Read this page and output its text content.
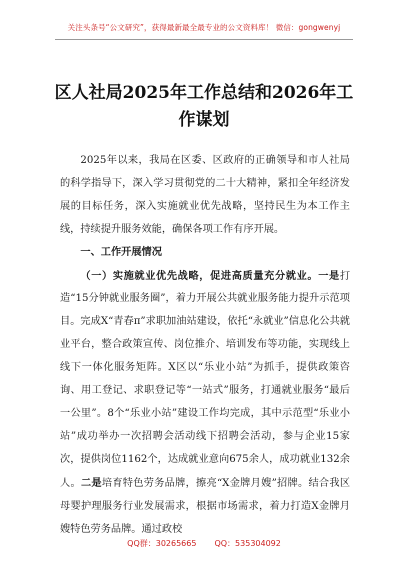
关注头条号“公文研究”，获得最新最全最专业的公文资料库！ 微信：gongwenyj
区人社局2025年工作总结和2026年工作谋划

2025年以来，我局在区委、区政府的正确领导和市人社局的科学指导下，深入学习贯彻党的二十大精神，紧扣全年经济发展的目标任务，深入实施就业优先战略，坚持民生为本工作主线，持续提升服务效能，确保各项工作有序开展。

一、工作开展情况

（一）实施就业优先战略，促进高质量充分就业。一是打造“15分钟就业服务圈”，着力开展公共就业服务能力提升示范项目。完成X“青春π”求职加油站建设，依托“永就业”信息化公共就业平台，整合政策宣传、岗位推介、培训发布等功能，实现线上线下一体化服务矩阵。X区以“乐业小站”为抓手，提供政策咨询、用工登记、求职登记等“一站式”服务，打通就业服务“最后一公里”。8个“乐业小站”建设工作均完成，其中示范型“乐业小站”成功举办一次招聘会活动线下招聘会活动，参与企业15家次，提供岗位1162个，达成就业意向675余人，成功就业132余人。二是培育特色劳务品牌，擦亮“X金牌月嫂”招牌。结合我区母婴护理服务行业发展需求，根据市场需求，着力打造X金牌月嫂特色劳务品牌。通过政校

QQ群：30265665 QQ：535304092
